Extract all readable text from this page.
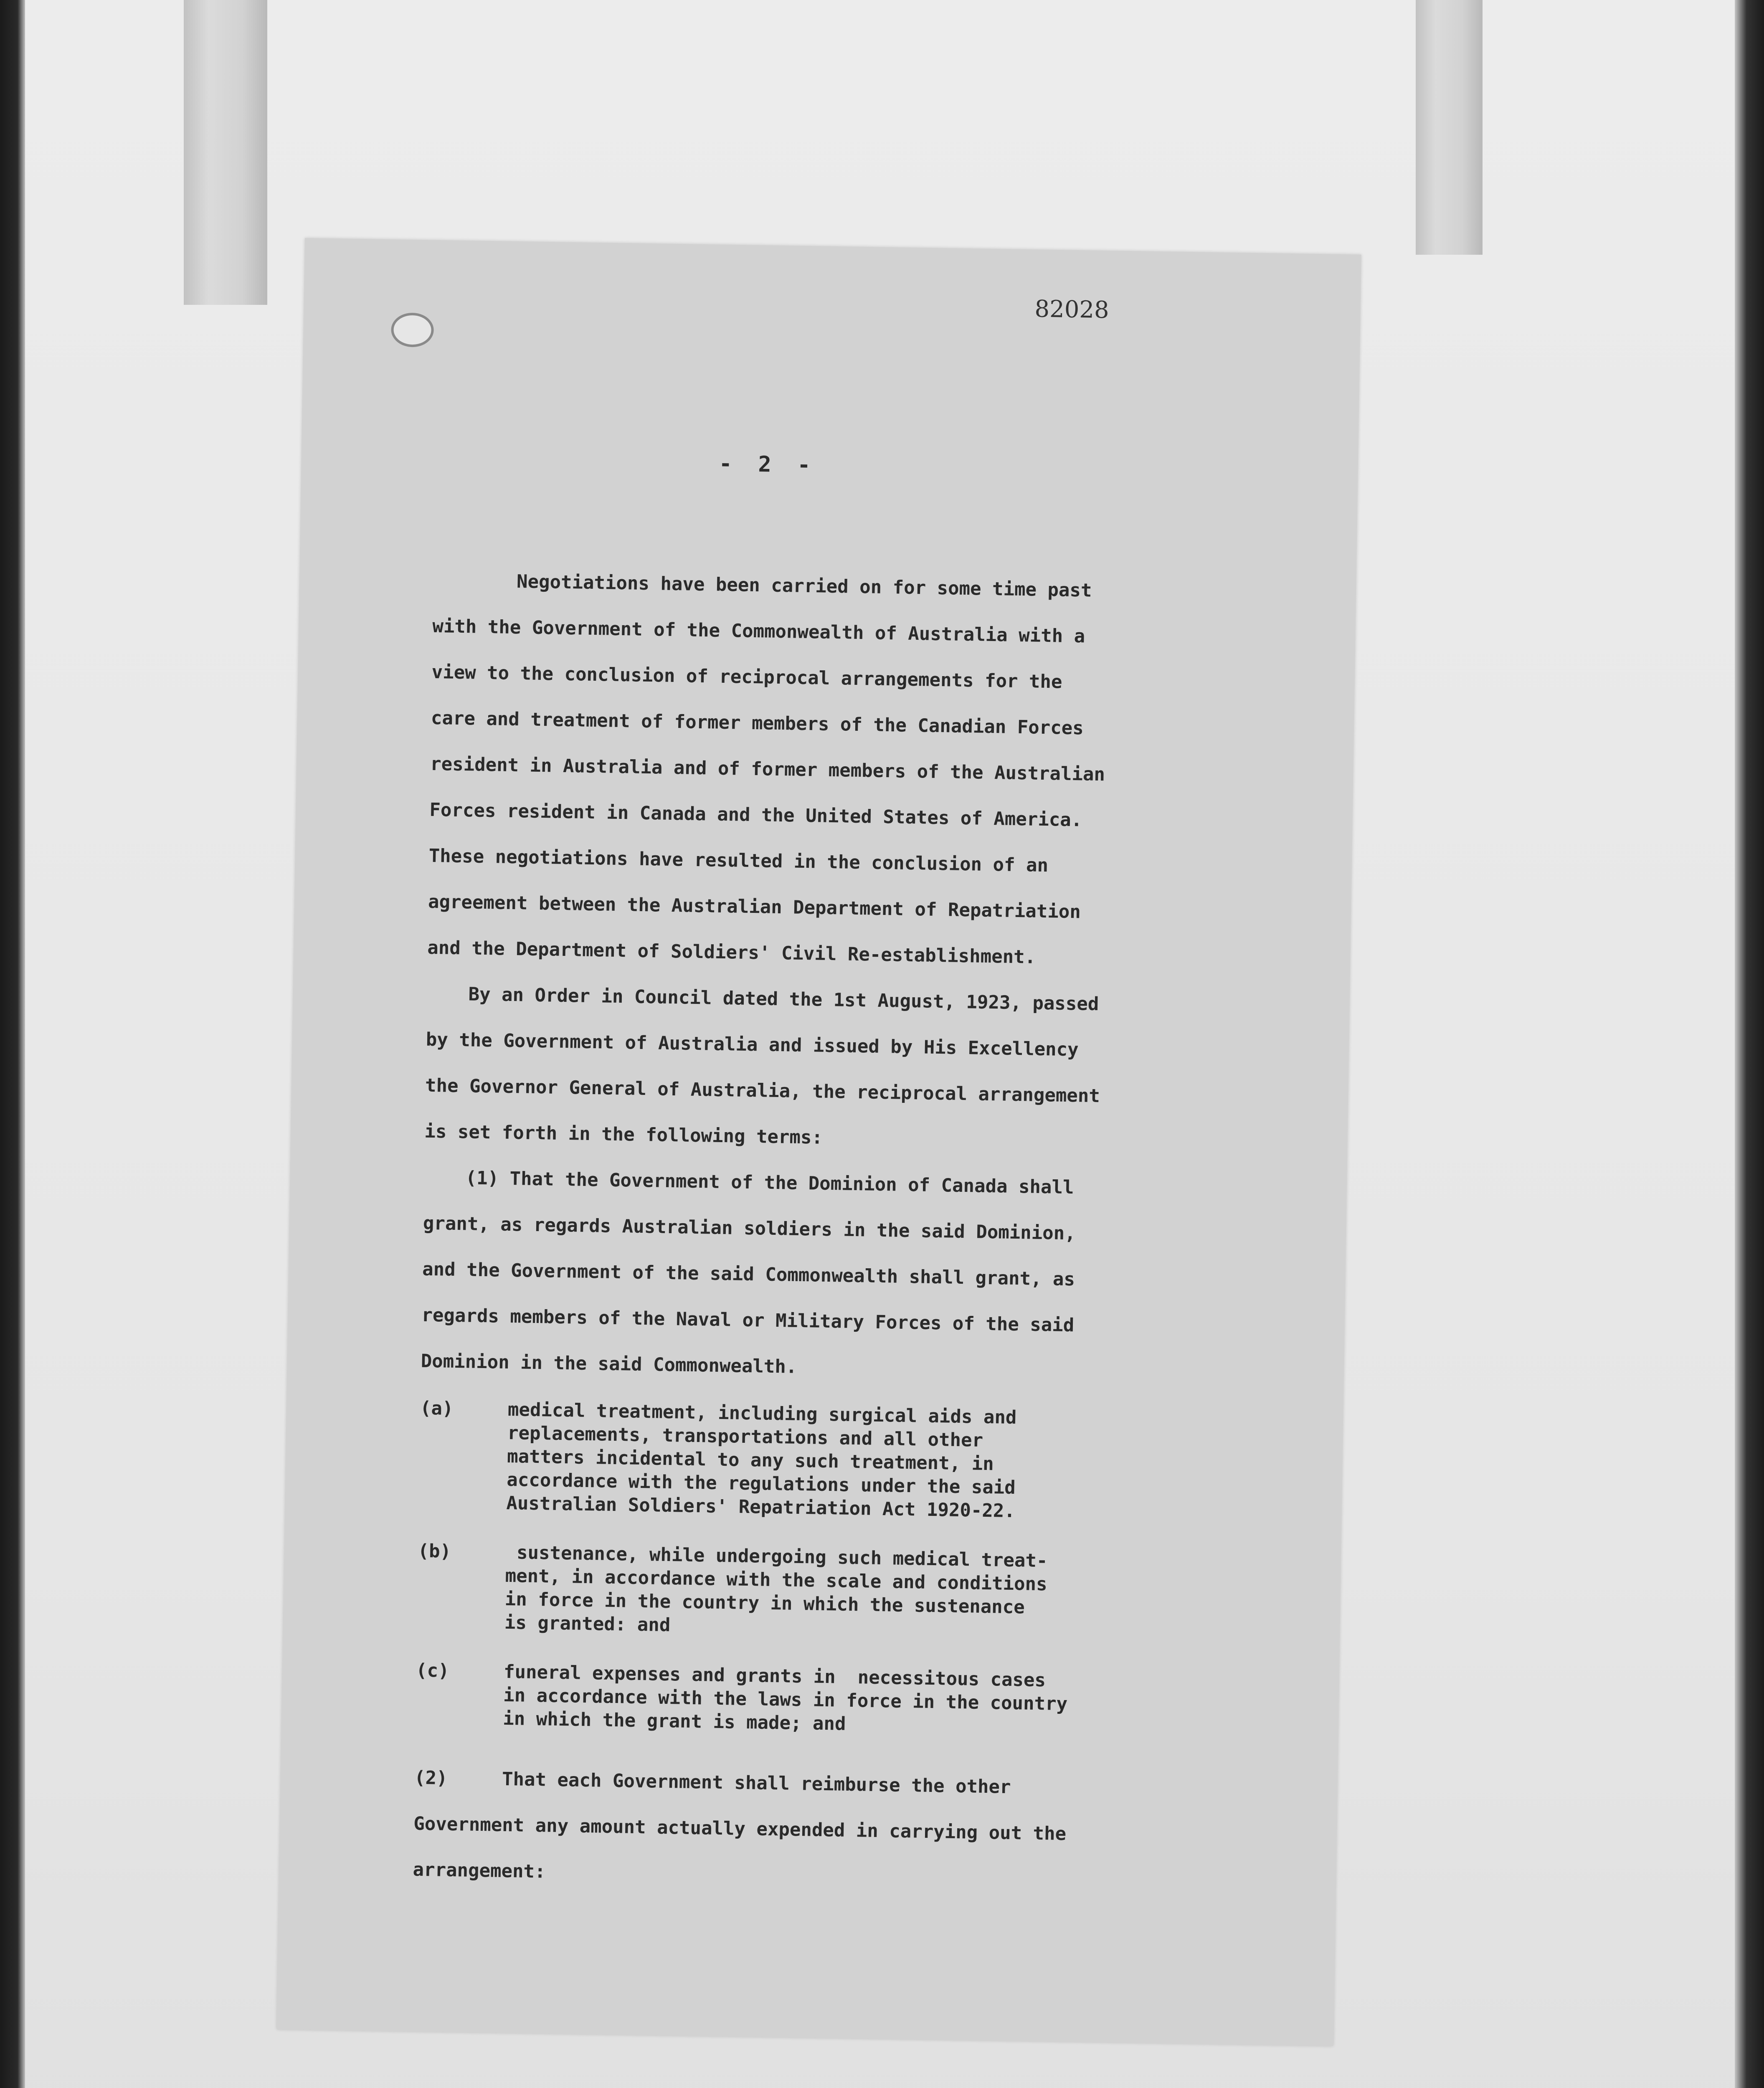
82028
-  2  -
Negotiations have been carried on for some time past
with the Government of the Commonwealth of Australia with a
view to the conclusion of reciprocal arrangements for the
care and treatment of former members of the Canadian Forces
resident in Australia and of former members of the Australian
Forces resident in Canada and the United States of America.
These negotiations have resulted in the conclusion of an
agreement between the Australian Department of Repatriation
and the Department of Soldiers' Civil Re-establishment.
By an Order in Council dated the 1st August, 1923, passed
by the Government of Australia and issued by His Excellency
the Governor General of Australia, the reciprocal arrangement
is set forth in the following terms:
(1) That the Government of the Dominion of Canada shall
grant, as regards Australian soldiers in the said Dominion,
and the Government of the said Commonwealth shall grant, as
regards members of the Naval or Military Forces of the said
Dominion in the said Commonwealth.
(a)	medical treatment, including surgical aids and
replacements, transportations and all other
matters incidental to any such treatment, in
accordance with the regulations under the said
Australian Soldiers' Repatriation Act 1920-22.
(b)	sustenance, while undergoing such medical treat-
ment, in accordance with the scale and conditions
in force in the country in which the sustenance
is granted: and
(c)	funeral expenses and grants in  necessitous cases
in accordance with the laws in force in the country
in which the grant is made; and
(2)	That each Government shall reimburse the other
Government any amount actually expended in carrying out the
arrangement:
